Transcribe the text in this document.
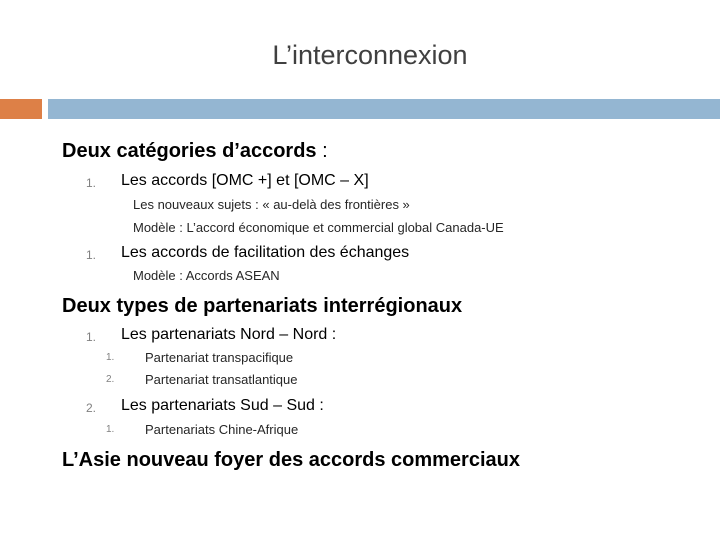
L’interconnexion
Deux catégories d’accords :
1. Les accords [OMC +] et [OMC – X]
Les nouveaux sujets : « au-delà des frontières »
Modèle : L’accord économique et commercial global Canada-UE
1. Les accords de facilitation des échanges
Modèle : Accords ASEAN
Deux types de partenariats interrégionaux
1. Les partenariats Nord – Nord :
1. Partenariat transpacifique
2. Partenariat transatlantique
2. Les partenariats Sud – Sud :
1. Partenariats Chine-Afrique
L’Asie nouveau foyer des accords commerciaux
